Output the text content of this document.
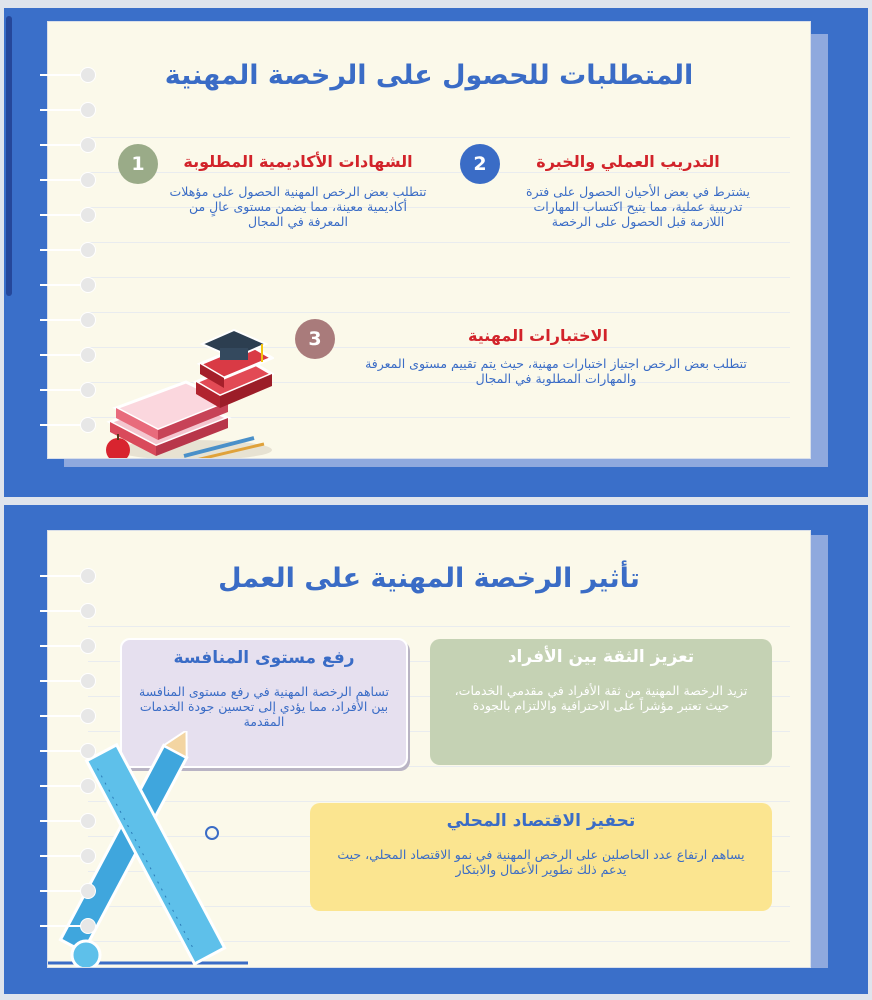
المتطلبات للحصول على الرخصة المهنية
2	التدريب العملي والخبرة
يشترط في بعض الأحيان الحصول على فترة تدريبية عملية، مما يتيح اكتساب المهارات اللازمة قبل الحصول على الرخصة
1	الشهادات الأكاديمية المطلوبة
تتطلب بعض الرخص المهنية الحصول على مؤهلات أكاديمية معينة، مما يضمن مستوى عالٍ من المعرفة في المجال
3	الاختبارات المهنية
تتطلب بعض الرخص اجتياز اختبارات مهنية، حيث يتم تقييم مستوى المعرفة والمهارات المطلوبة في المجال
تأثير الرخصة المهنية على العمل
رفع مستوى المنافسة
تساهم الرخصة المهنية في رفع مستوى المنافسة بين الأفراد، مما يؤدي إلى تحسين جودة الخدمات المقدمة
تعزيز الثقة بين الأفراد
تزيد الرخصة المهنية من ثقة الأفراد في مقدمي الخدمات، حيث تعتبر مؤشراً على الاحترافية والالتزام بالجودة
تحفيز الاقتصاد المحلي
يساهم ارتفاع عدد الحاصلين على الرخص المهنية في نمو الاقتصاد المحلي، حيث يدعم ذلك تطوير الأعمال والابتكار
